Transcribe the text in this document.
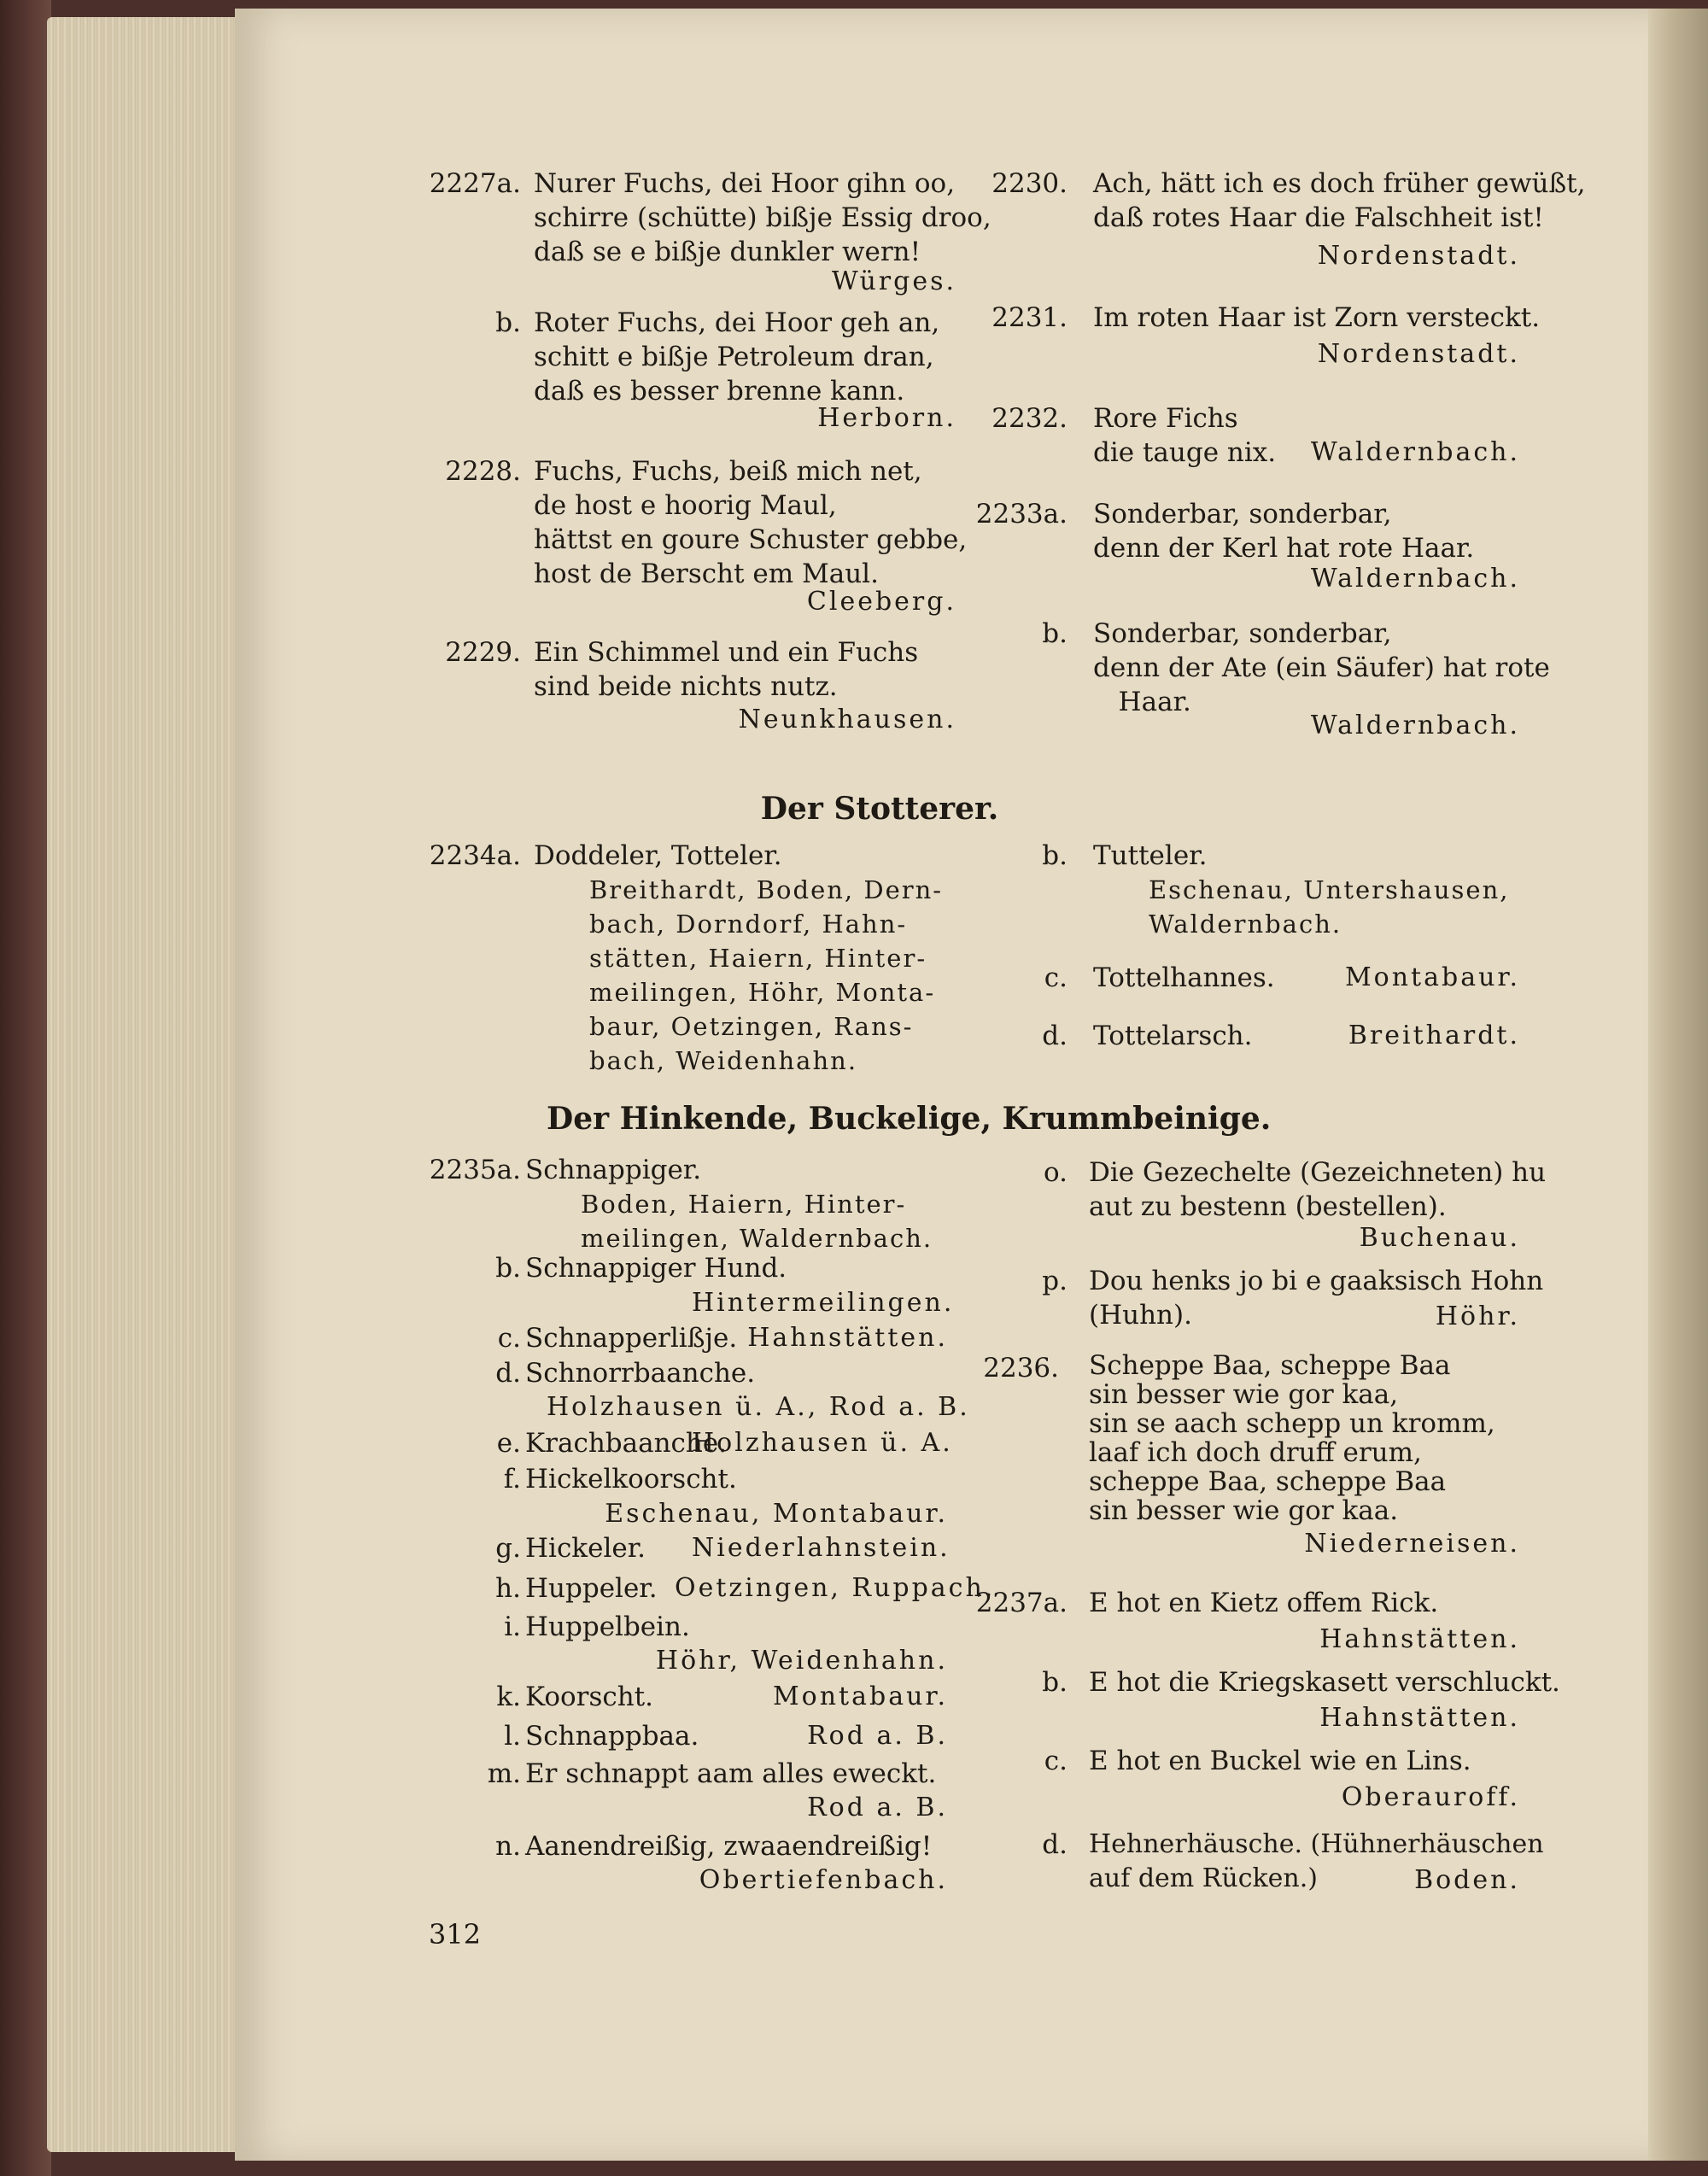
2227a. Nurer Fuchs, dei Hoor gihn oo,
schirre (schütte) bißje Essig droo,
daß se e bißje dunkler wern!
Würges.
b. Roter Fuchs, dei Hoor geh an,
schitt e bißje Petroleum dran,
daß es besser brenne kann.
Herborn.
2228. Fuchs, Fuchs, beiß mich net,
de host e hoorig Maul,
hättst en goure Schuster gebbe,
host de Berscht em Maul.
Cleeberg.
2229. Ein Schimmel und ein Fuchs
sind beide nichts nutz.
Neunkhausen.
2230. Ach, hätt ich es doch früher gewüßt,
daß rotes Haar die Falschheit ist!
Nordenstadt.
2231. Im roten Haar ist Zorn versteckt.
Nordenstadt.
2232. Rore Fichs
die tauge nix.	Waldernbach.
2233a. Sonderbar, sonderbar,
denn der Kerl hat rote Haar.
Waldernbach.
b. Sonderbar, sonderbar,
denn der Ate (ein Säufer) hat rote
Haar.
Waldernbach.
Der Stotterer.
2234a. Doddeler, Totteler.
Breithardt, Boden, Dern-
bach, Dorndorf, Hahn-
stätten, Haiern, Hinter-
meilingen, Höhr, Monta-
baur, Oetzingen, Rans-
bach, Weidenhahn.
b. Tutteler.
Eschenau, Untershausen,
Waldernbach.
c. Tottelhannes.	Montabaur.
d. Tottelarsch.	Breithardt.
Der Hinkende, Buckelige, Krummbeinige.
2235a. Schnappiger.
Boden, Haiern, Hinter-
meilingen, Waldernbach.
b. Schnappiger Hund.
Hintermeilingen.
c. Schnapperlißje. Hahnstätten.
d. Schnorrbaanche.
Holzhausen ü. A., Rod a. B.
e. Krachbaanche.
Holzhausen ü. A.
f. Hickelkoorscht.
Eschenau, Montabaur.
g. Hickeler. Niederlahnstein.
h. Huppeler. Oetzingen, Ruppach.
i. Huppelbein.
Höhr, Weidenhahn.
k. Koorscht.	Montabaur.
l. Schnappbaa.	Rod a. B.
m. Er schnappt aam alles eweckt.
Rod a. B.
n. Aanendreißig, zwaaendreißig!
Obertiefenbach.
o. Die Gezechelte (Gezeichneten) hu
aut zu bestenn (bestellen).
Buchenau.
p. Dou henks jo bi e gaaksisch Hohn
(Huhn).	Höhr.
2236. Scheppe Baa, scheppe Baa
sin besser wie gor kaa,
sin se aach schepp un kromm,
laaf ich doch druff erum,
scheppe Baa, scheppe Baa
sin besser wie gor kaa.
Niederneisen.
2237a. E hot en Kietz offem Rick.
Hahnstätten.
b. E hot die Kriegskasett verschluckt.
Hahnstätten.
c. E hot en Buckel wie en Lins.
Oberauroff.
d. Hehnerhäusche. (Hühnerhäuschen
auf dem Rücken.)	Boden.
312
